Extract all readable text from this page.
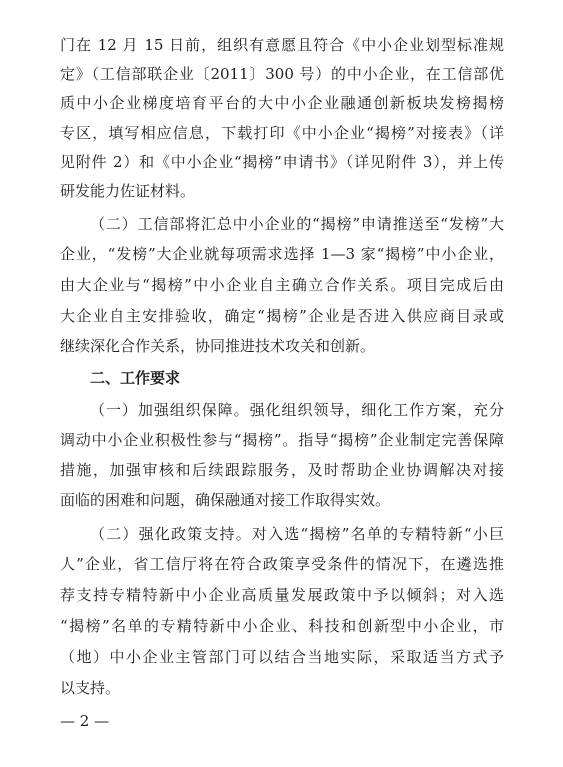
门在 12 月 15 日前，组织有意愿且符合《中小企业划型标准规
定》（工信部联企业〔2011〕300 号）的中小企业，在工信部优
质中小企业梯度培育平台的大中小企业融通创新板块发榜揭榜
专区，填写相应信息，下载打印《中小企业“揭榜”对接表》（详
见附件 2）和《中小企业“揭榜”申请书》（详见附件 3），并上传
研发能力佐证材料。
（二）工信部将汇总中小企业的“揭榜”申请推送至“发榜”大
企业，“发榜”大企业就每项需求选择 1—3 家“揭榜”中小企业，
由大企业与“揭榜”中小企业自主确立合作关系。项目完成后由
大企业自主安排验收，确定“揭榜”企业是否进入供应商目录或
继续深化合作关系，协同推进技术攻关和创新。
二、工作要求
（一）加强组织保障。强化组织领导，细化工作方案，充分
调动中小企业积极性参与“揭榜”。指导“揭榜”企业制定完善保障
措施，加强审核和后续跟踪服务，及时帮助企业协调解决对接
面临的困难和问题，确保融通对接工作取得实效。
（二）强化政策支持。对入选“揭榜”名单的专精特新“小巨
人”企业，省工信厅将在符合政策享受条件的情况下，在遴选推
荐支持专精特新中小企业高质量发展政策中予以倾斜；对入选
“揭榜”名单的专精特新中小企业、科技和创新型中小企业，市
（地）中小企业主管部门可以结合当地实际，采取适当方式予
以支持。
— 2 —
